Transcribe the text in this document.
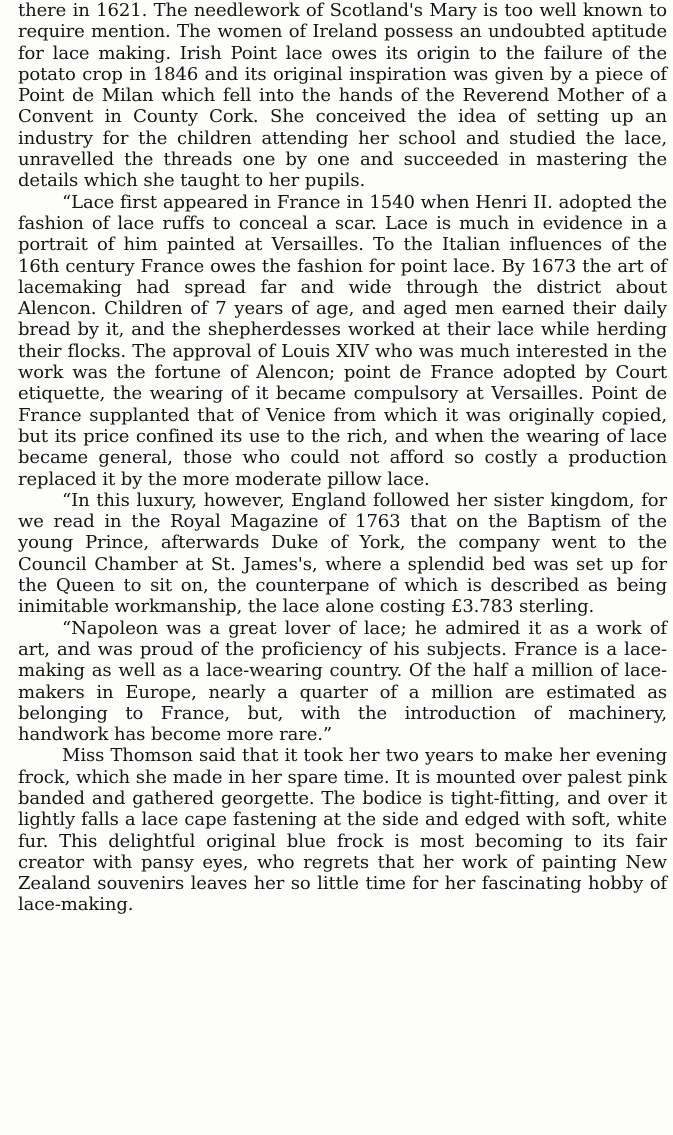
there in 1621. The needlework of Scotland's Mary is too well known to require mention. The women of Ireland possess an undoubted aptitude for lace making. Irish Point lace owes its origin to the failure of the potato crop in 1846 and its original inspiration was given by a piece of Point de Milan which fell into the hands of the Reverend Mother of a Convent in County Cork. She conceived the idea of setting up an industry for the children attending her school and studied the lace, unravelled the threads one by one and succeeded in mastering the details which she taught to her pupils.

“Lace first appeared in France in 1540 when Henri II. adopted the fashion of lace ruffs to conceal a scar. Lace is much in evidence in a portrait of him painted at Versailles. To the Italian influences of the 16th century France owes the fashion for point lace. By 1673 the art of lacemaking had spread far and wide through the district about Alencon. Children of 7 years of age, and aged men earned their daily bread by it, and the shepherdesses worked at their lace while herding their flocks. The approval of Louis XIV who was much interested in the work was the fortune of Alencon; point de France adopted by Court etiquette, the wearing of it became compulsory at Versailles. Point de France supplanted that of Venice from which it was originally copied, but its price confined its use to the rich, and when the wearing of lace became general, those who could not afford so costly a production replaced it by the more moderate pillow lace.

“In this luxury, however, England followed her sister kingdom, for we read in the Royal Magazine of 1763 that on the Baptism of the young Prince, afterwards Duke of York, the company went to the Council Chamber at St. James's, where a splendid bed was set up for the Queen to sit on, the counterpane of which is described as being inimitable workmanship, the lace alone costing £3.783 sterling.

“Napoleon was a great lover of lace; he admired it as a work of art, and was proud of the proficiency of his subjects. France is a lace-making as well as a lace-wearing country. Of the half a million of lace-makers in Europe, nearly a quarter of a million are estimated as belonging to France, but, with the introduction of machinery, handwork has become more rare.”

Miss Thomson said that it took her two years to make her evening frock, which she made in her spare time. It is mounted over palest pink banded and gathered georgette. The bodice is tight-fitting, and over it lightly falls a lace cape fastening at the side and edged with soft, white fur. This delightful original blue frock is most becoming to its fair creator with pansy eyes, who regrets that her work of painting New Zealand souvenirs leaves her so little time for her fascinating hobby of lace-making.
